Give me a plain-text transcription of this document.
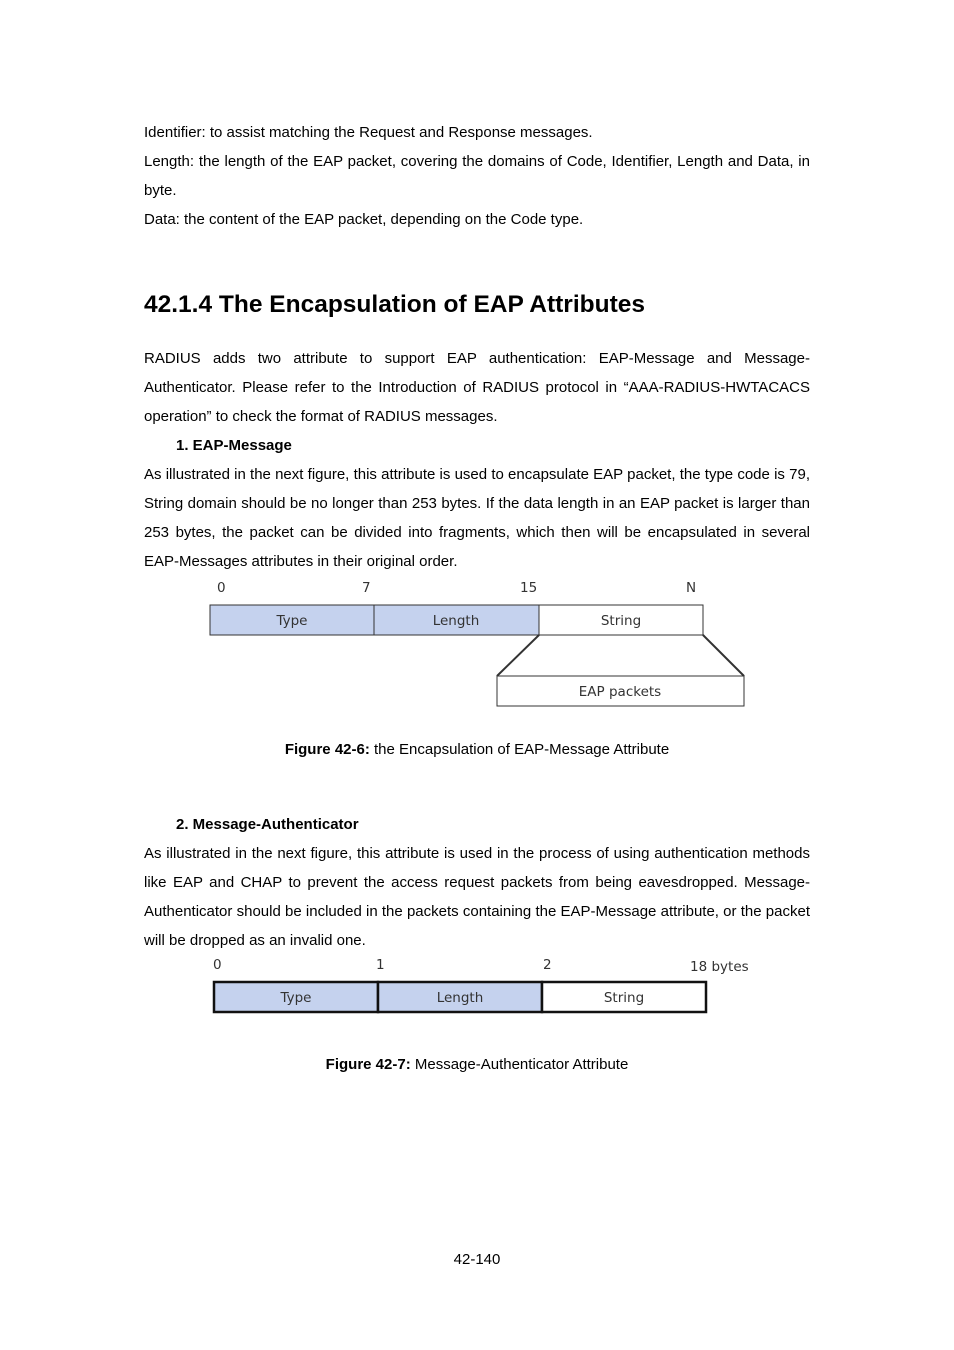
Identifier: to assist matching the Request and Response messages.

Length: the length of the EAP packet, covering the domains of Code, Identifier, Length and Data, in byte.

Data: the content of the EAP packet, depending on the Code type.

42.1.4 The Encapsulation of EAP Attributes

RADIUS adds two attribute to support EAP authentication: EAP-Message and Message-Authenticator. Please refer to the Introduction of RADIUS protocol in “AAA-RADIUS-HWTACACS operation” to check the format of RADIUS messages.

1. EAP-Message

As illustrated in the next figure, this attribute is used to encapsulate EAP packet, the type code is 79, String domain should be no longer than 253 bytes. If the data length in an EAP packet is larger than 253 bytes, the packet can be divided into fragments, which then will be encapsulated in several EAP-Messages attributes in their original order.

0	7	15	N
Type	Length	String
EAP packets

Figure 42-6: the Encapsulation of EAP-Message Attribute

2. Message-Authenticator

As illustrated in the next figure, this attribute is used in the process of using authentication methods like EAP and CHAP to prevent the access request packets from being eavesdropped. Message-Authenticator should be included in the packets containing the EAP-Message attribute, or the packet will be dropped as an invalid one.

0	1	2	18 bytes
Type	Length	String

Figure 42-7: Message-Authenticator Attribute

42-140
